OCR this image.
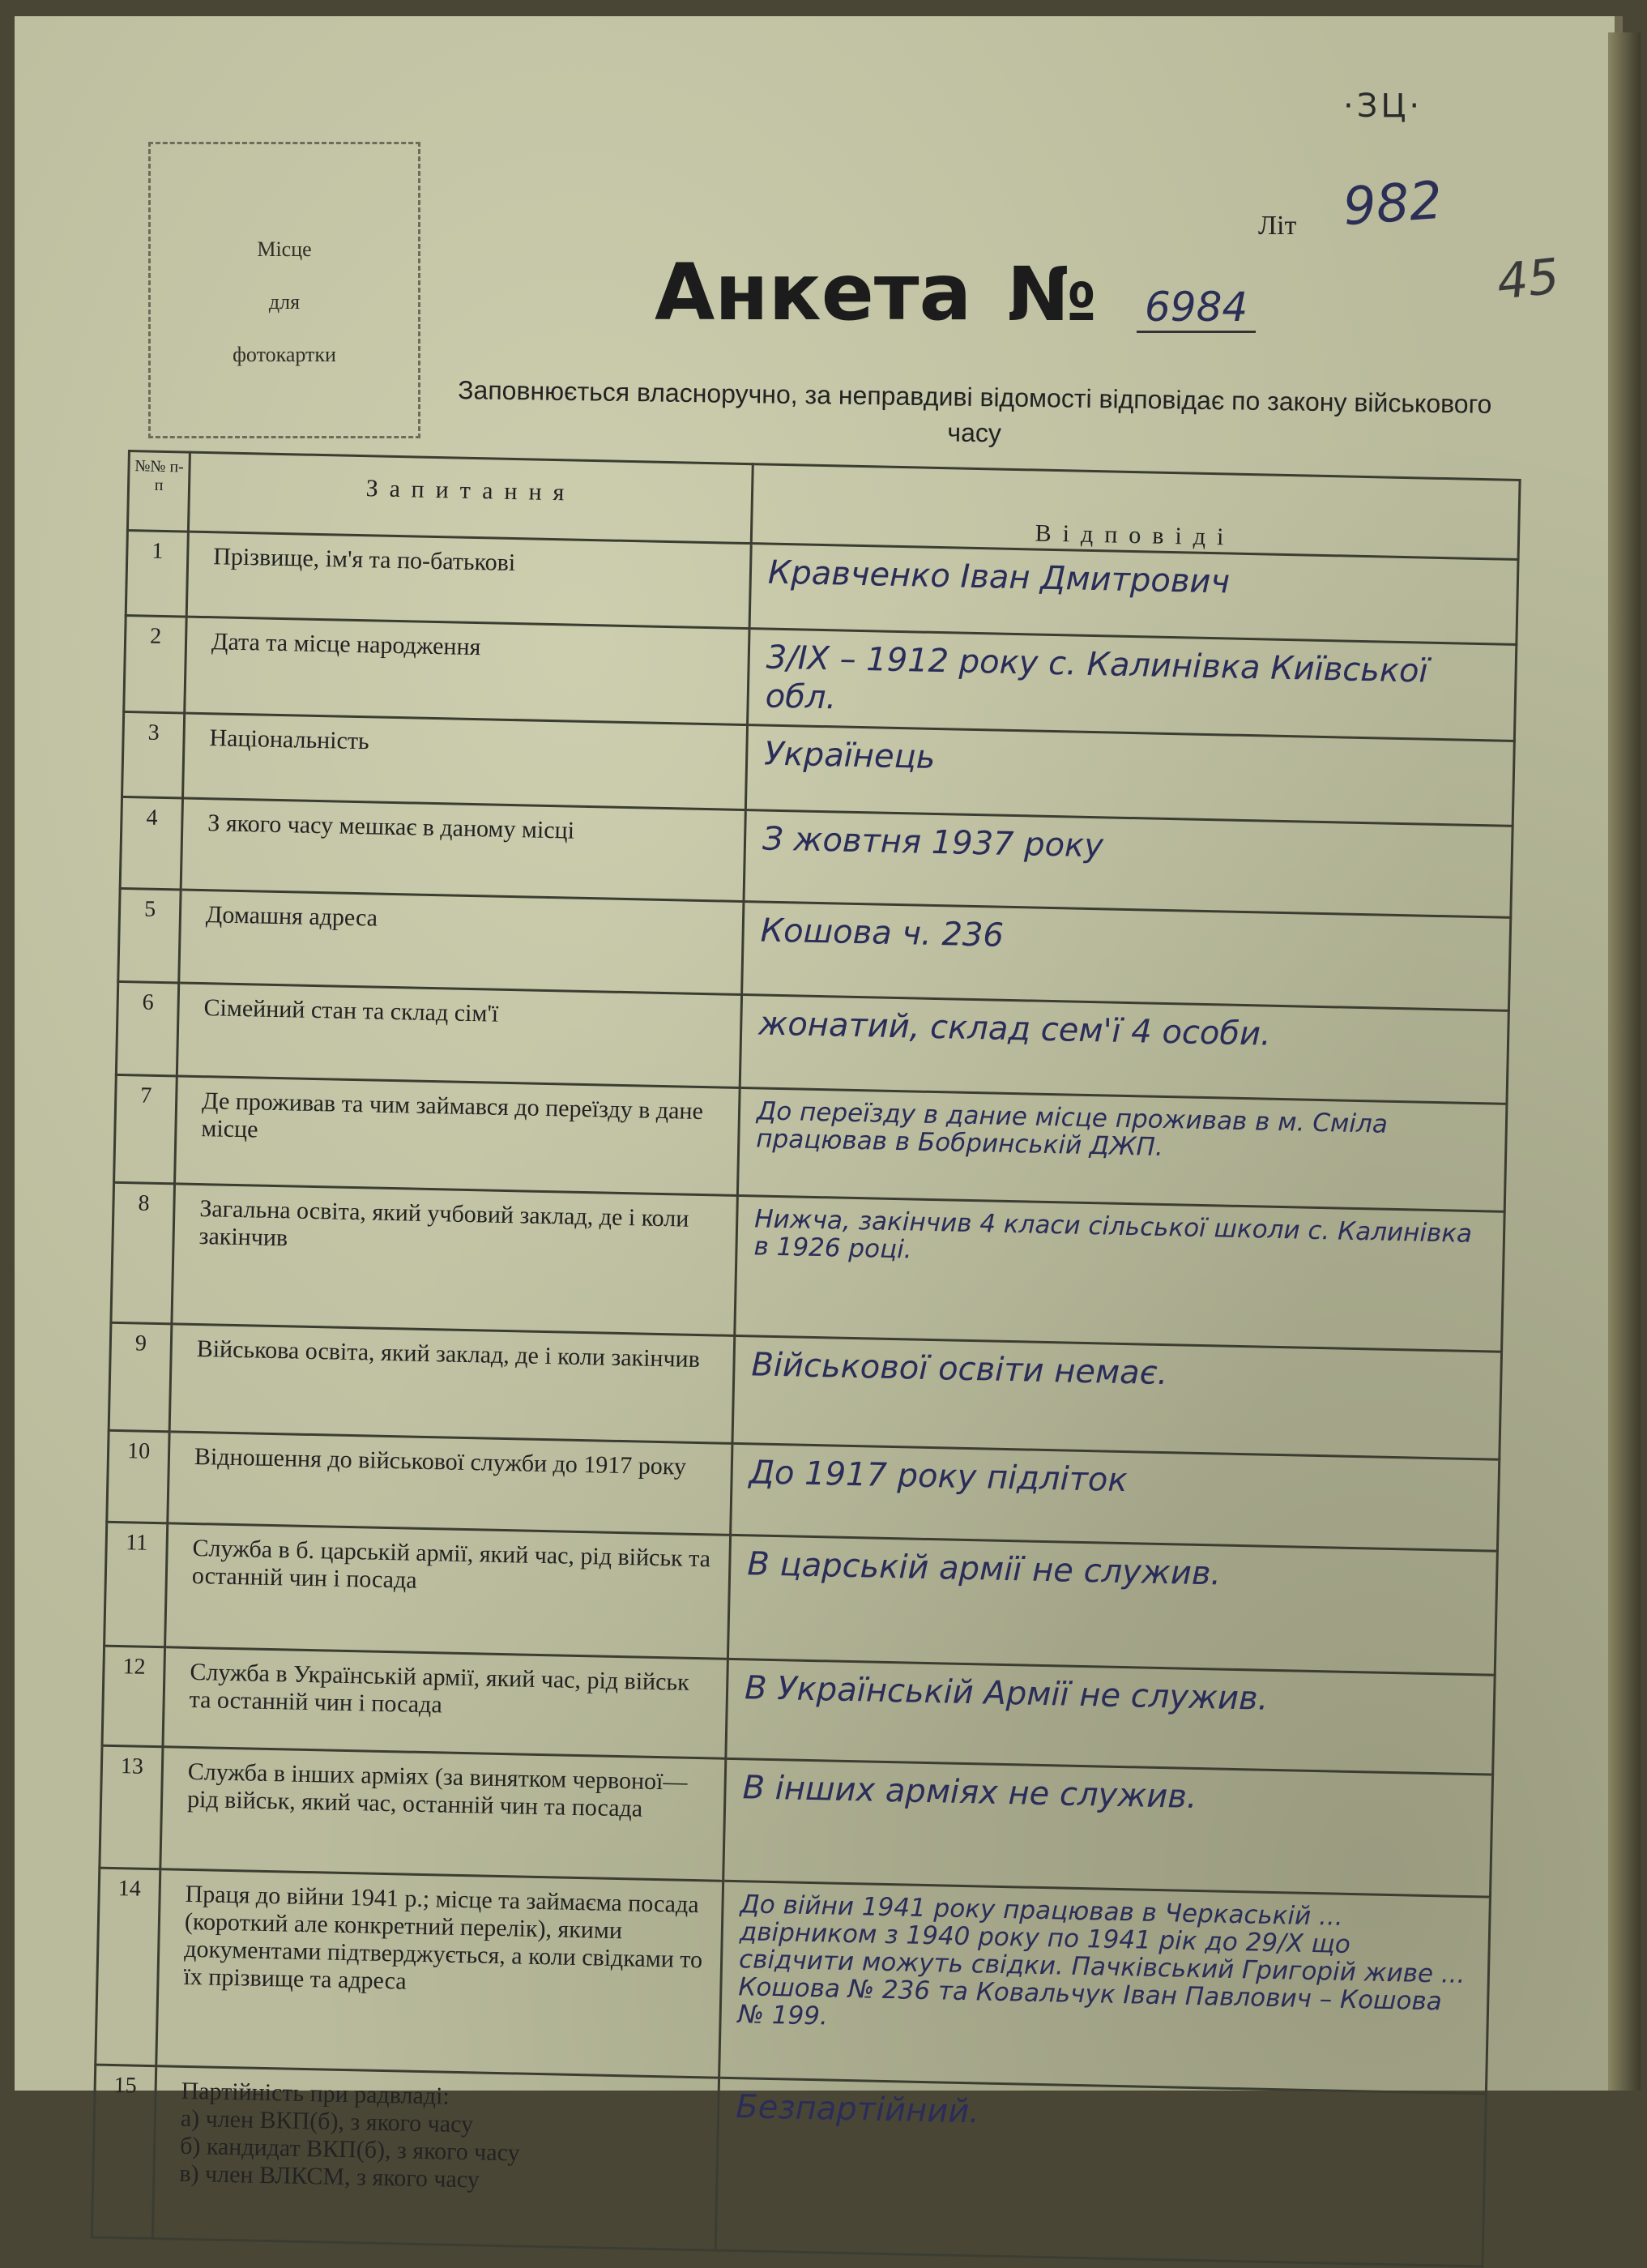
·ЗЦ·
Місце
для
фотокартки
Літ 982
45
Анкета № 6984
Заповнюється власноручно, за неправдиві відомості відповідає по закону військового часу
№№ п-п	Запитання	Відповіді
1	Прізвище, ім'я та по-батькові	Кравченко Іван Дмитрович
2	Дата та місце народження	3/IX – 1912 року с. Калинівка Київської обл.
3	Національність	Українець
4	З якого часу мешкає в даному місці	З жовтня 1937 року
5	Домашня адреса	Кошова ч. 236
6	Сімейний стан та склад сім'ї	жонатий, склад сем'ї 4 особи.
7	Де проживав та чим займався до переїзду в дане місце	До переїзду в дание місце проживав в м. Сміла працював в Бобринській ДЖП.
8	Загальна освіта, який учбовий заклад, де і коли закінчив	Нижча, закінчив 4 класи сільської школи с. Калинівка в 1926 році.
9	Військова освіта, який заклад, де і коли закінчив	Військової освіти немає.
10	Відношення до військової служби до 1917 року	До 1917 року підліток
11	Служба в б. царській армії, який час, рід військ та останній чин і посада	В царській армії не служив.
12	Служба в Українській армії, який час, рід військ та останній чин і посада	В Українській Армії не служив.
13	Служба в інших арміях (за винятком червоної—рід військ, який час, останній чин та посада	В інших арміях не служив.
14	Праця до війни 1941 р.; місце та займаєма посада (короткий але конкретний перелік), якими документами підтверджується, а коли свідками то їх прізвище та адреса	До війни 1941 року працював в Черкаській ... двірником з 1940 року по 1941 рік до 29/Х що свідчити можуть свідки. Пачківський Григорій живе ... Кошова № 236 та Ковальчук Іван Павлович – Кошова № 199.
15	Партійність при радвладі:
а) член ВКП(б), з якого часу
б) кандидат ВКП(б), з якого часу
в) член ВЛКСМ, з якого часу	Безпартійний.
